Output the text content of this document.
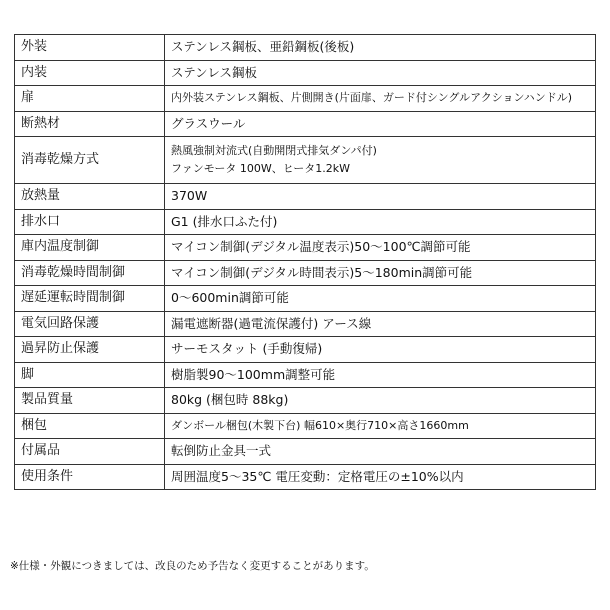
外装	ステンレス鋼板、亜鉛鋼板(後板)
内装	ステンレス鋼板
扉	内外装ステンレス鋼板、片側開き(片面扉、ガード付シングルアクションハンドル)
断熱材	グラスウール
消毒乾燥方式	熱風強制対流式(自動開閉式排気ダンパ付)
ファンモータ 100W、ヒータ1.2kW

放熱量	370W
排水口	G1 (排水口ふた付)
庫内温度制御	マイコン制御(デジタル温度表示)50～100℃調節可能
消毒乾燥時間制御	マイコン制御(デジタル時間表示)5～180min調節可能
遅延運転時間制御	0～600min調節可能
電気回路保護	漏電遮断器(過電流保護付) アース線
過昇防止保護	サーモスタット (手動復帰)
脚	樹脂製90～100mm調整可能
製品質量	80kg (梱包時 88kg)
梱包	ダンボール梱包(木製下台) 幅610×奥行710×高さ1660mm
付属品	転倒防止金具一式
使用条件	周囲温度5～35℃ 電圧変動：定格電圧の±10%以内
※仕様・外観につきましては、改良のため予告なく変更することがあります。
